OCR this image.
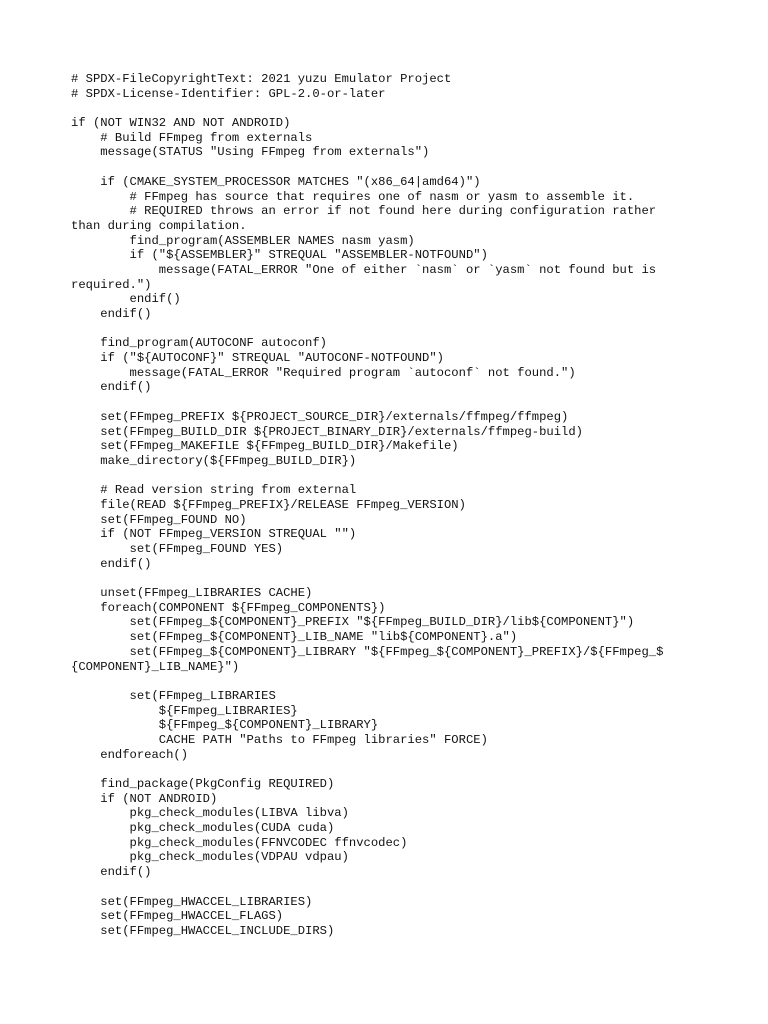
# SPDX-FileCopyrightText: 2021 yuzu Emulator Project
# SPDX-License-Identifier: GPL-2.0-or-later
if (NOT WIN32 AND NOT ANDROID)
# Build FFmpeg from externals
message(STATUS "Using FFmpeg from externals")
if (CMAKE_SYSTEM_PROCESSOR MATCHES "(x86_64|amd64)")
# FFmpeg has source that requires one of nasm or yasm to assemble it.
# REQUIRED throws an error if not found here during configuration rather
than during compilation.
find_program(ASSEMBLER NAMES nasm yasm)
if ("${ASSEMBLER}" STREQUAL "ASSEMBLER-NOTFOUND")
message(FATAL_ERROR "One of either `nasm` or `yasm` not found but is
required.")
endif()
endif()
find_program(AUTOCONF autoconf)
if ("${AUTOCONF}" STREQUAL "AUTOCONF-NOTFOUND")
message(FATAL_ERROR "Required program `autoconf` not found.")
endif()
set(FFmpeg_PREFIX ${PROJECT_SOURCE_DIR}/externals/ffmpeg/ffmpeg)
set(FFmpeg_BUILD_DIR ${PROJECT_BINARY_DIR}/externals/ffmpeg-build)
set(FFmpeg_MAKEFILE ${FFmpeg_BUILD_DIR}/Makefile)
make_directory(${FFmpeg_BUILD_DIR})
# Read version string from external
file(READ ${FFmpeg_PREFIX}/RELEASE FFmpeg_VERSION)
set(FFmpeg_FOUND NO)
if (NOT FFmpeg_VERSION STREQUAL "")
set(FFmpeg_FOUND YES)
endif()
unset(FFmpeg_LIBRARIES CACHE)
foreach(COMPONENT ${FFmpeg_COMPONENTS})
set(FFmpeg_${COMPONENT}_PREFIX "${FFmpeg_BUILD_DIR}/lib${COMPONENT}")
set(FFmpeg_${COMPONENT}_LIB_NAME "lib${COMPONENT}.a")
set(FFmpeg_${COMPONENT}_LIBRARY "${FFmpeg_${COMPONENT}_PREFIX}/${FFmpeg_$
{COMPONENT}_LIB_NAME}")
set(FFmpeg_LIBRARIES
${FFmpeg_LIBRARIES}
${FFmpeg_${COMPONENT}_LIBRARY}
CACHE PATH "Paths to FFmpeg libraries" FORCE)
endforeach()
find_package(PkgConfig REQUIRED)
if (NOT ANDROID)
pkg_check_modules(LIBVA libva)
pkg_check_modules(CUDA cuda)
pkg_check_modules(FFNVCODEC ffnvcodec)
pkg_check_modules(VDPAU vdpau)
endif()
set(FFmpeg_HWACCEL_LIBRARIES)
set(FFmpeg_HWACCEL_FLAGS)
set(FFmpeg_HWACCEL_INCLUDE_DIRS)
